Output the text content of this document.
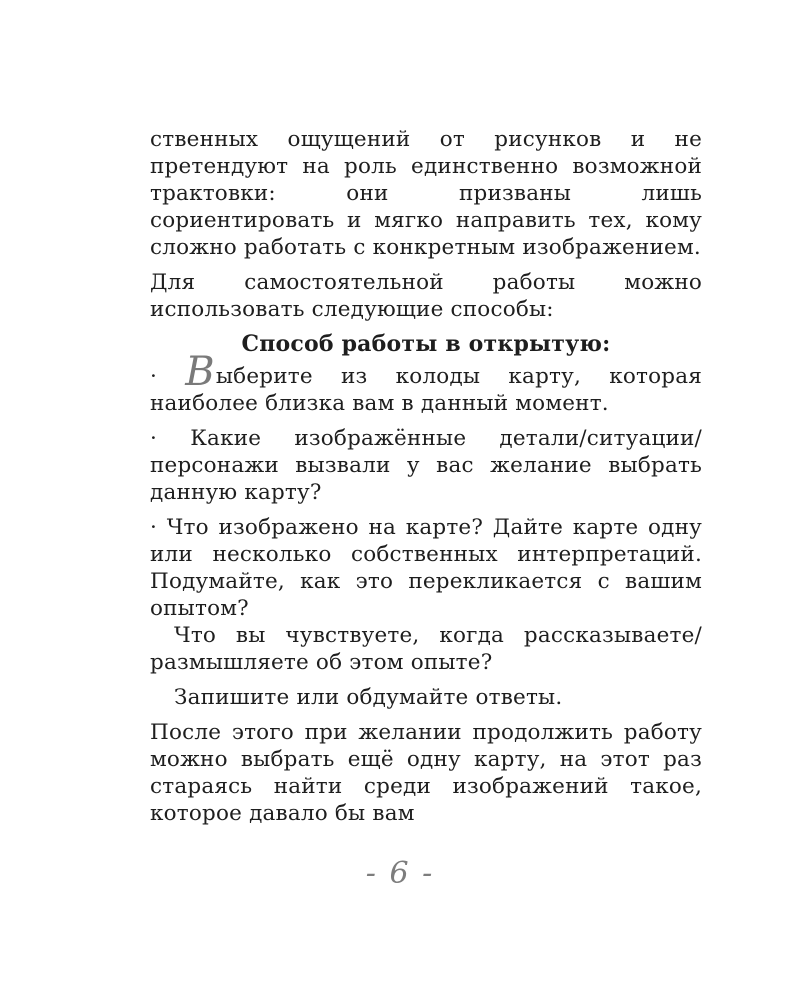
ственных ощущений от рисунков и не претендуют на роль единственно возможной трактовки: они призваны лишь сориентировать и мягко направить тех, кому сложно работать с конкретным изображением.

Для самостоятельной работы можно использовать следующие способы:

Способ работы в открытую:

· Выберите из колоды карту, которая наиболее близка вам в данный момент.

· Какие изображённые детали/ситуации/персонажи вызвали у вас желание выбрать данную карту?

· Что изображено на карте? Дайте карте одну или несколько собственных интерпретаций. Подумайте, как это перекликается с вашим опытом?

Что вы чувствуете, когда рассказываете/размышляете об этом опыте?

Запишите или обдумайте ответы.

После этого при желании продолжить работу можно выбрать ещё одну карту, на этот раз стараясь найти среди изображений такое, которое давало бы вам

- 6 -
